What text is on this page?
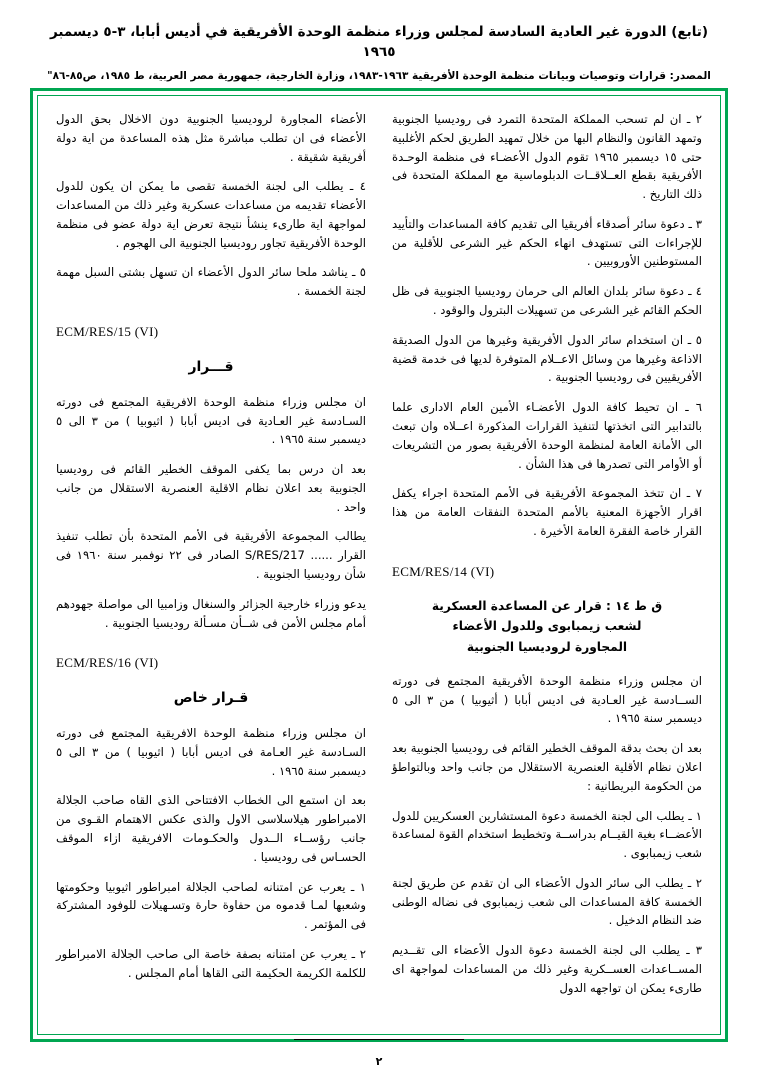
(تابع) الدورة غير العادية السادسة لمجلس وزراء منظمة الوحدة الأفريقية في أديس أبابا، ٣-٥ ديسمبر ١٩٦٥
المصدر: قرارات وتوصيات وبيانات منظمة الوحدة الأفريقية ١٩٦٣-١٩٨٣، وزارة الخارجية، جمهورية مصر العربية، ط ١٩٨٥، ص٨٥-٨٦"

٢ ـ ان لم تسحب المملكة المتحدة التمرد فى روديسيا الجنوبية وتمهد القانون والنظام البها من خلال تمهيد الطريق لحكم الأغلبية حتى ١٥ ديسمبر ١٩٦٥ تقوم الدول الأعضـاء فى منظمة الوحـدة الأفريقية بقطع العــلاقــات الدبلوماسية مع المملكة المتحدة فى ذلك التاريخ .

٣ ـ دعوة سائر أصدقاء أفريقيا الى تقديم كافة المساعدات والتأييد للإجراءات التى تستهدف انهاء الحكم غير الشرعى للأقلية من المستوطنين الأوروبيين .

٤ ـ دعوة سائر بلدان العالم الى حرمان روديسيا الجنوبية فى ظل الحكم القائم غير الشرعى من تسهيلات البترول والوقود .

٥ ـ ان استخدام سائر الدول الأفريقية وغيرها من الدول الصديقة الاذاعة وغيرها من وسائل الاعــلام المتوفرة لديها فى خدمة قضية الأفريقيين فى روديسيا الجنوبية .

٦ ـ ان تحيط كافة الدول الأعضـاء الأمين العام الادارى علما بالتدابير التى اتخذتها لتنفيذ القرارات المذكورة اعــلاه وان تبعث الى الأمانة العامة لمنظمة الوحدة الأفريقية بصور من التشريعات أو الأوامر التى تصدرها فى هذا الشأن .

٧ ـ ان تتخذ المجموعة الأفريقية فى الأمم المتحدة اجراء يكفل اقرار الأجهزة المعنية بالأمم المتحدة النفقات العامة من هذا القرار خاصة الفقرة العامة الأخيرة .

ECM/RES/14 (VI)
ق ط ١٤ : قرار عن المساعدة العسكرية
لشعب زيمبابوى وللدول الأعضاء
المجاورة لروديسيا الجنوبية

ان مجلس وزراء منظمة الوحدة الأفريقية المجتمع فى دورته الســادسة غير العـادية فى اديس أبابا ( أثيوبيا ) من ٣ الى ٥ ديسمبر سنة ١٩٦٥ .

بعد ان بحث بدقة الموقف الخطير القائم فى روديسيا الجنوبية بعد اعلان نظام الأقلية العنصرية الاستقلال من جانب واحد وبالتواطؤ من الحكومة البريطانية :

١ ـ يطلب الى لجنة الخمسة دعوة المستشارين العسكريين للدول الأعضــاء بغية القيــام بدراســة وتخطيط استخدام القوة لمساعدة شعب زيمبابوى .

٢ ـ يطلب الى سائر الدول الأعضاء الى ان تقدم عن طريق لجنة الخمسة كافة المساعدات الى شعب زيمبابوى فى نضاله الوطنى ضد النظام الدخيل .

٣ ـ يطلب الى لجنة الخمسة دعوة الدول الأعضاء الى تقــديم المســاعدات العســكرية وغير ذلك من المساعدات لمواجهة اى طارىء يمكن ان تواجهه الدول

الأعضاء المجاورة لروديسيا الجنوبية دون الاخلال بحق الدول الأعضاء فى ان تطلب مباشرة مثل هذه المساعدة من اية دولة أفريقية شقيقة .

٤ ـ يطلب الى لجنة الخمسة تقصى ما يمكن ان يكون للدول الأعضاء تقديمه من مساعدات عسكرية وغير ذلك من المساعدات لمواجهة اية طارىء ينشأ نتيجة تعرض اية دولة عضو فى منظمة الوحدة الأفريقية تجاور روديسيا الجنوبية الى الهجوم .

٥ ـ يناشد ملحا سائر الدول الأعضاء ان تسهل بشتى السبل مهمة لجنة الخمسة .

ECM/RES/15 (VI)
قـــرار

ان مجلس وزراء منظمة الوحدة الافريقية المجتمع فى دورته السـادسة غير العـادية فى اديس أبابا ( اثيوبيا ) من ٣ الى ٥ ديسمبر سنة ١٩٦٥ .

بعد ان درس بما يكفى الموقف الخطير القائم فى روديسيا الجنوبية بعد اعلان نظام الاقلية العنصرية الاستقلال من جانب واحد .

يطالب المجموعة الأفريقية فى الأمم المتحدة بأن تطلب تنفيذ القرار ...... S/RES/217 الصادر فى ٢٢ نوفمبر سنة ١٩٦٠ فى شأن روديسيا الجنوبية .

يدعو وزراء خارجية الجزائر والسنغال وزامبيا الى مواصلة جهودهم أمام مجلس الأمن فى شــأن مسـألة روديسيا الجنوبية .

ECM/RES/16 (VI)
قـرار خاص

ان مجلس وزراء منظمة الوحدة الافريقية المجتمع فى دورته السـادسة غير العـامة فى اديس أبابا ( اثيوبيا ) من ٣ الى ٥ ديسمبر سنة ١٩٦٥ .

بعد ان استمع الى الخطاب الافتتاحى الذى القاه صاحب الجلالة الامبراطور هيلاسلاسى الاول والذى عكس الاهتمام القـوى من جانب رؤســاء الــدول والحكـومات الافريقية ازاء الموقف الحسـاس فى روديسيا .

١ ـ يعرب عن امتنانه لصاحب الجلالة امبراطور اثيوبيا وحكومتها وشعبها لمـا قدموه من حفاوة حارة وتسـهيلات للوفود المشتركة فى المؤتمر .

٢ ـ يعرب عن امتنانه بصفة خاصة الى صاحب الجلالة الامبراطور للكلمة الكريمة الحكيمة التى القاها أمام المجلس .

٢
